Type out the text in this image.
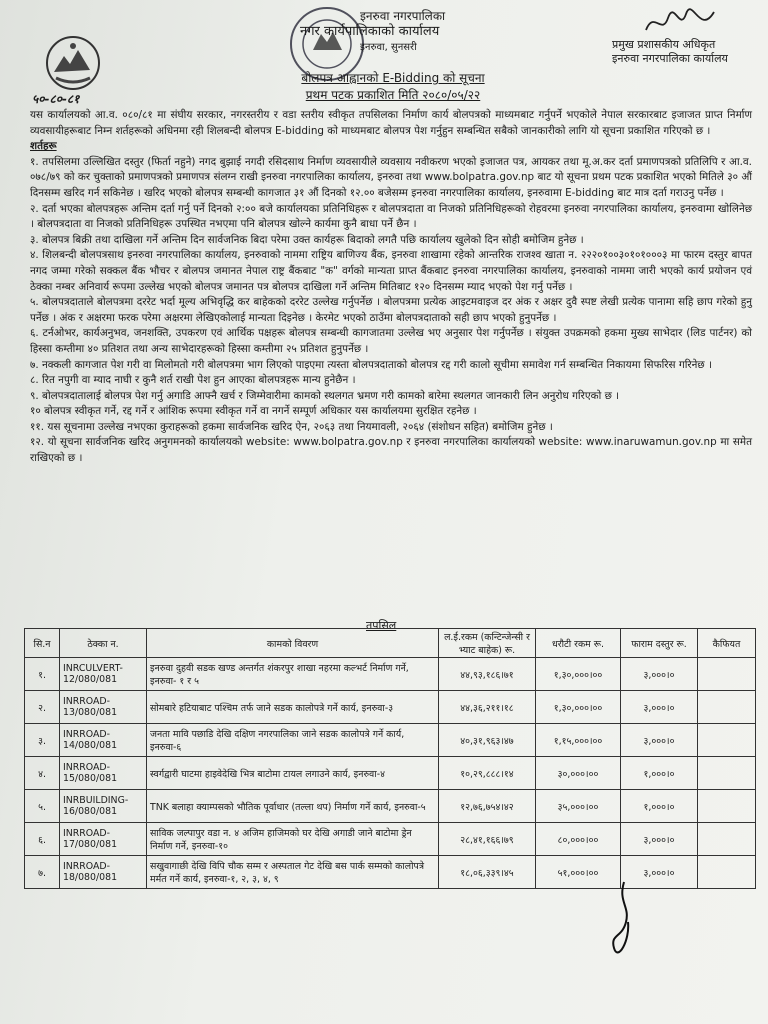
इनरुवा नगरपालिका
नगर कार्यपालिकाको कार्यालय
इनरुवा, सुनसरी	प्रमुख प्रशासकीय अधिकृत
इनरुवा नगरपालिका कार्यालय
बोलपत्र आह्वानको E-Bidding को सूचना
प्रथम पटक प्रकाशित मिति २०८०/०५/२२
५०-८०-८१

यस कार्यालयको आ.व. ०८०/८१ मा संघीय सरकार, नगरस्तरीय र वडा स्तरीय स्वीकृत तपसिलका निर्माण कार्य बोलपत्रको माध्यमबाट गर्नुपर्ने भएकोले नेपाल सरकारबाट इजाजत प्राप्त निर्माण व्यवसायीहरूबाट निम्न शर्तहरूको अधिनमा रही शिलबन्दी बोलपत्र E-bidding को माध्यमबाट बोलपत्र पेश गर्नुहुन सम्बन्धित सबैको जानकारीको लागि यो सूचना प्रकाशित गरिएको छ ।

शर्तहरू

१. तपसिलमा उल्लिखित दस्तुर (फिर्ता नहुने) नगद बुझाई नगदी रसिदसाथ निर्माण व्यवसायीले व्यवसाय नवीकरण भएको इजाजत पत्र, आयकर तथा मू.अ.कर दर्ता प्रमाणपत्रको प्रतिलिपि र आ.व. ०७८/७९ को कर चुक्ताको प्रमाणपत्रको प्रमाणपत्र संलग्न राखी इनरुवा नगरपालिका कार्यालय, इनरुवा तथा www.bolpatra.gov.np बाट यो सूचना प्रथम पटक प्रकाशित भएको मितिले ३० औं दिनसम्म खरिद गर्न सकिनेछ । खरिद भएको बोलपत्र सम्बन्धी कागजात ३१ औं दिनको १२.०० बजेसम्म इनरुवा नगरपालिका कार्यालय, इनरुवामा E-bidding बाट मात्र दर्ता गराउनु पर्नेछ ।

२. दर्ता भएका बोलपत्रहरू अन्तिम दर्ता गर्नु पर्ने दिनको २:०० बजे कार्यालयका प्रतिनिधिहरू र बोलपत्रदाता वा निजको प्रतिनिधिहरूको रोहवरमा इनरुवा नगरपालिका कार्यालय, इनरुवामा खोलिनेछ । बोलपत्रदाता वा निजको प्रतिनिधिहरू उपस्थित नभएमा पनि बोलपत्र खोल्ने कार्यमा कुनै बाधा पर्ने छैन ।

३. बोलपत्र बिक्री तथा दाखिला गर्ने अन्तिम दिन सार्वजनिक बिदा परेमा उक्त कार्यहरू बिदाको लगतै पछि कार्यालय खुलेको दिन सोही बमोजिम हुनेछ ।

४. शिलबन्दी बोलपत्रसाथ इनरुवा नगरपालिका कार्यालय, इनरुवाको नाममा राष्ट्रिय बाणिज्य बैंक, इनरुवा शाखामा रहेको आन्तरिक राजश्व खाता न. २२२०१००३०१०१०००३ मा फारम दस्तुर बापत नगद जम्मा गरेको सक्कल बैंक भौचर र बोलपत्र जमानत नेपाल राष्ट्र बैंकबाट "क" वर्गको मान्यता प्राप्त बैंकबाट इनरुवा नगरपालिका कार्यालय, इनरुवाको नाममा जारी भएको कार्य प्रयोजन एवं ठेक्का नम्बर अनिवार्य रूपमा उल्लेख भएको बोलपत्र जमानत पत्र बोलपत्र दाखिला गर्ने अन्तिम मितिबाट १२० दिनसम्म म्याद भएको पेश गर्नु पर्नेछ ।

५. बोलपत्रदाताले बोलपत्रमा दररेट भर्दा मूल्य अभिवृद्धि कर बाहेकको दररेट उल्लेख गर्नुपर्नेछ । बोलपत्रमा प्रत्येक आइटमवाइज दर अंक र अक्षर दुवै स्पष्ट लेखी प्रत्येक पानामा सहि छाप गरेको हुनु पर्नेछ । अंक र अक्षरमा फरक परेमा अक्षरमा लेखिएकोलाई मान्यता दिइनेछ । केरमेट भएको ठाउँमा बोलपत्रदाताको सही छाप भएको हुनुपर्नेछ ।

६. टर्नओभर, कार्यअनुभव, जनशक्ति, उपकरण एवं आर्थिक पक्षहरू बोलपत्र सम्बन्धी कागजातमा उल्लेख भए अनुसार पेश गर्नुपर्नेछ । संयुक्त उपक्रमको हकमा मुख्य साभेदार (लिड पार्टनर) को हिस्सा कम्तीमा ४० प्रतिशत तथा अन्य साभेदारहरूको हिस्सा कम्तीमा २५ प्रतिशत हुनुपर्नेछ ।

७. नक्कली कागजात पेश गरी वा मिलोमतो गरी बोलपत्रमा भाग लिएको पाइएमा त्यस्ता बोलपत्रदाताको बोलपत्र रद्द गरी कालो सूचीमा समावेश गर्न सम्बन्धित निकायमा सिफरिस गरिनेछ ।

८. रित नपुगी वा म्याद नाघी र कुनै शर्त राखी पेश हुन आएका बोलपत्रहरू मान्य हुनेछैन ।

९. बोलपत्रदातालाई बोलपत्र पेश गर्नु अगाडि आफ्नै खर्च र जिम्मेवारीमा कामको स्थलगत भ्रमण गरी कामको बारेमा स्थलगत जानकारी लिन अनुरोध गरिएको छ ।

१० बोलपत्र स्वीकृत गर्ने, रद्द गर्ने र आंशिक रूपमा स्वीकृत गर्ने वा नगर्ने सम्पूर्ण अधिकार यस कार्यालयमा सुरक्षित रहनेछ ।

११. यस सूचनामा उल्लेख नभएका कुराहरूको हकमा सार्वजनिक खरिद ऐन, २०६३ तथा नियमावली, २०६४ (संशोधन सहित) बमोजिम हुनेछ ।

१२. यो सूचना सार्वजनिक खरिद अनुगमनको कार्यालयको website: www.bolpatra.gov.np र इनरुवा नगरपालिका कार्यालयको website: www.inaruwamun.gov.np मा समेत राखिएको छ ।

तपसिल
सि.न	ठेक्का न.	कामको विवरण	ल.ई.रकम (कन्टिन्जेन्सी र भ्याट बाहेक) रू.	धरौटी रकम रू.	फाराम दस्तुर रू.	कैफियत
१.	INRCULVERT-12/080/081	इनरुवा दुहवी सडक खण्ड अन्तर्गत शंकरपुर शाखा नहरमा कल्भर्ट निर्माण गर्ने, इनरुवा- १ र ५	४४,९३,१८६।७१	१,३०,०००।००	३,०००।०	
२.	INRROAD-13/080/081	सोमबारे हटियाबाट पश्चिम तर्फ जाने सडक कालोपत्रे गर्ने कार्य, इनरुवा-३	४४,३६,२११।१८	१,३०,०००।००	३,०००।०	
३.	INRROAD-14/080/081	जनता मावि पछाडि देखि दक्षिण नगरपालिका जाने सडक कालोपत्रे गर्ने कार्य, इनरुवा-६	४०,३१,९६३।४७	१,१५,०००।००	३,०००।०	
४.	INRROAD-15/080/081	स्वर्गद्वारी घाटमा हाइवेदेखि भित्र बाटोमा टायल लगाउने कार्य, इनरुवा-४	१०,२९,८८८।१४	३०,०००।००	१,०००।०	
५.	INRBUILDING-16/080/081	TNK बलाहा क्याम्पसको भौतिक पूर्वाधार (तल्ला थप) निर्माण गर्ने कार्य, इनरुवा-५	१२,७६,७५४।४२	३५,०००।००	१,०००।०	
६.	INRROAD-17/080/081	साविक जल्पापुर वडा न. ४ अजिम हाजिमको घर देखि अगाडी जाने बाटोमा ड्रेन निर्माण गर्ने, इनरुवा-१०	२८,४१,१६६।७९	८०,०००।००	३,०००।०	
७.	INRROAD-18/080/081	सखुवागाछी देखि विपि चौक सम्म र अस्पताल गेट देखि बस पार्क सम्मको कालोपत्रे मर्मत गर्ने कार्य, इनरुवा-१, २, ३, ४, ९	१८,०६,३३९।४५	५१,०००।००	३,०००।०	
